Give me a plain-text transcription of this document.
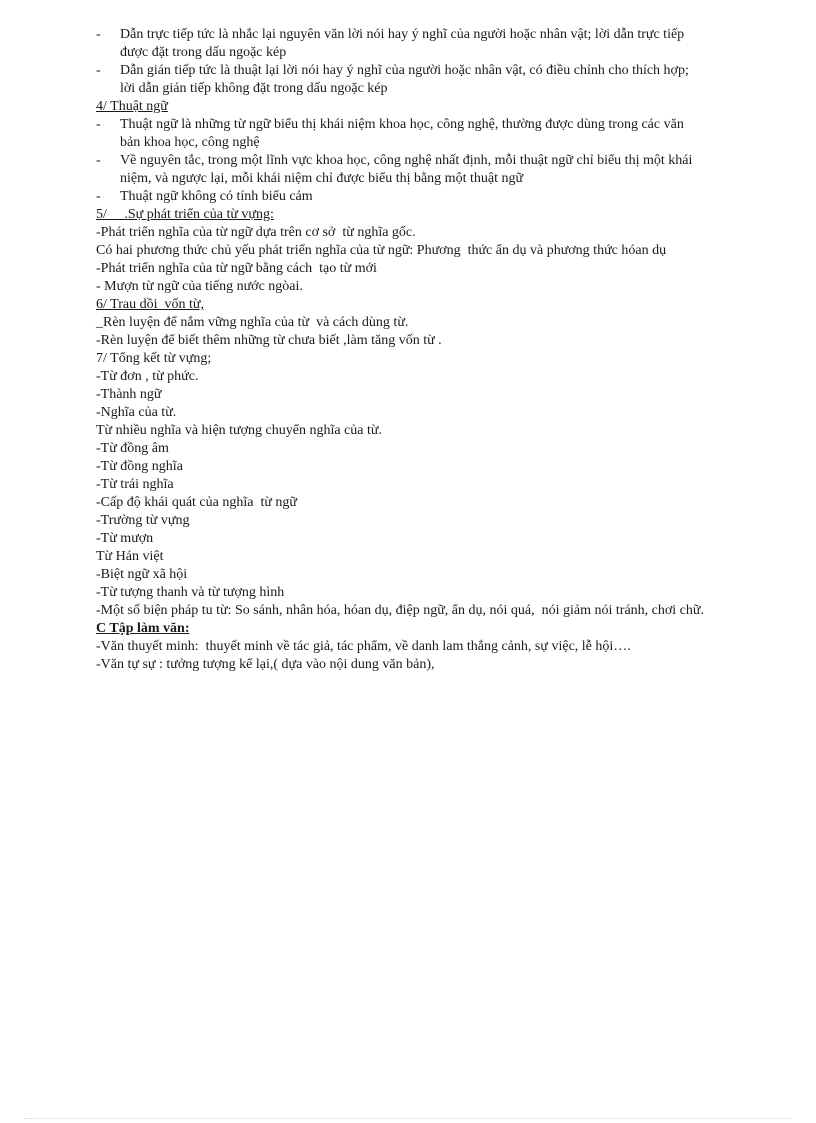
- Dẫn trực tiếp tức là nhắc lại nguyên văn lời nói hay ý nghĩ của người hoặc nhân vật; lời dẫn trực tiếp được đặt trong dấu ngoặc kép
- Dẫn gián tiếp tức là thuật lại lời nói hay ý nghĩ của người hoặc nhân vật, có điều chỉnh cho thích hợp; lời dẫn gián tiếp không đặt trong dấu ngoặc kép
4/ Thuật ngữ
- Thuật ngữ là những từ ngữ biểu thị khái niệm khoa học, công nghệ, thường được dùng trong các văn bản khoa học, công nghệ
- Về nguyên tắc, trong một lĩnh vực khoa học, công nghệ nhất định, mỗi thuật ngữ chỉ biểu thị một khái niệm, và ngược lại, mỗi khái niệm chỉ được biểu thị bằng một thuật ngữ
- Thuật ngữ không có tính biểu cảm
5/     .Sự phát triển của từ vựng:
-Phát triển nghĩa của từ ngữ dựa trên cơ sở  từ nghĩa gốc.
Có hai phương thức chủ yếu phát triển nghĩa của từ ngữ: Phương  thức ẩn dụ và phương thức hóan dụ
-Phát triển nghĩa của từ ngữ bằng cách  tạo từ mới
- Mượn từ ngữ của tiếng nước ngòai.
6/ Trau dồi  vốn từ,
_Rèn luyện để nắm vững nghĩa của từ  và cách dùng từ.
-Rèn luyện để biết thêm những từ chưa biết ,làm tăng vốn từ .
7/ Tổng kết từ vựng;
-Từ đơn , từ phức.
-Thành ngữ
-Nghĩa của từ.
Từ nhiều nghĩa và hiện tượng chuyển nghĩa của từ.
-Từ đồng âm
-Từ đồng nghĩa
-Từ trái nghĩa
-Cấp độ khái quát của nghĩa  từ ngữ
-Trường từ vựng
-Từ mượn
Từ Hán việt
-Biệt ngữ xã hội
-Từ tượng thanh và từ tượng hình
-Một số biện pháp tu từ: So sánh, nhân hóa, hóan dụ, điệp ngữ, ẩn dụ, nói quá,  nói giảm nói tránh, chơi chữ.
C Tập làm văn:
-Văn thuyết minh:  thuyết minh về tác giả, tác phẩm, về danh lam thắng cảnh, sự việc, lễ hội….
-Văn tự sự : tưởng tượng kể lại,( dựa vào nội dung văn bản),
